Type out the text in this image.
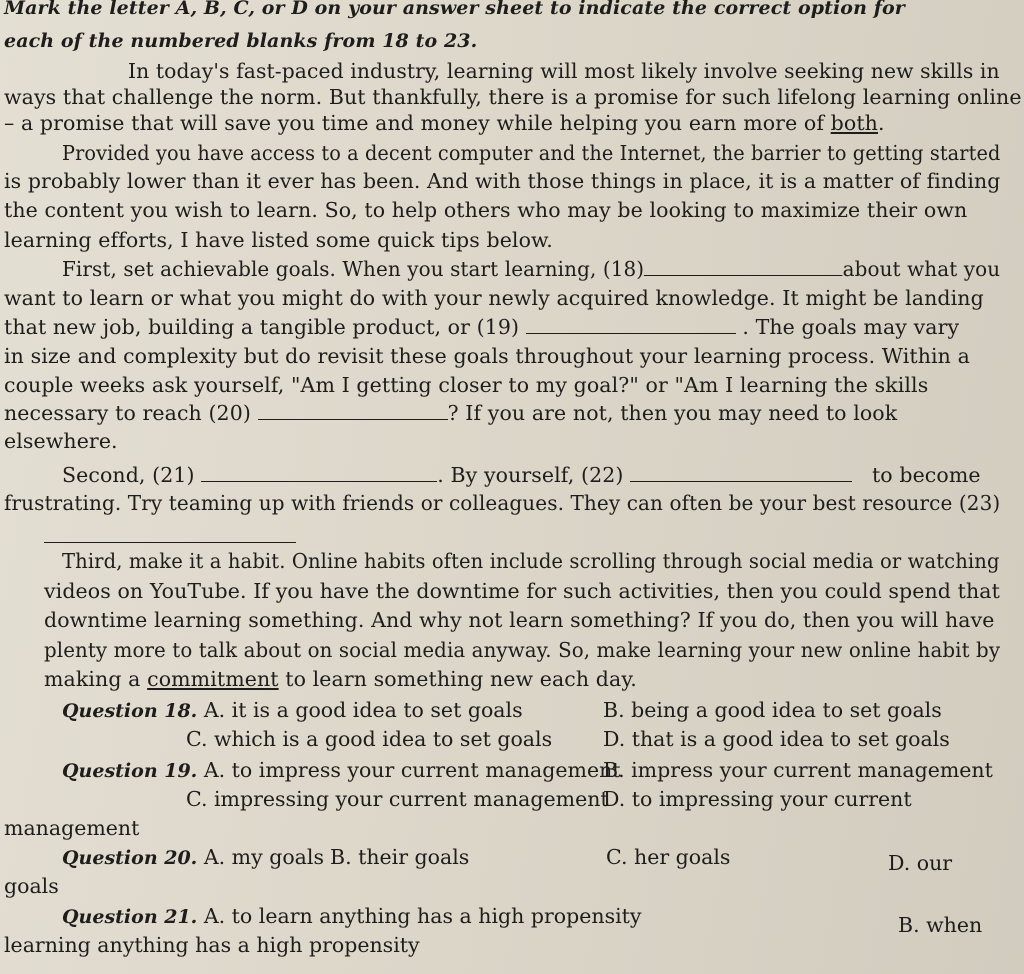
Mark the letter A, B, C, or D on your answer sheet to indicate the correct option for
each of the numbered blanks from 18 to 23.
In today's fast-paced industry, learning will most likely involve seeking new skills in
ways that challenge the norm. But thankfully, there is a promise for such lifelong learning online
– a promise that will save you time and money while helping you earn more of both.
Provided you have access to a decent computer and the Internet, the barrier to getting started
is probably lower than it ever has been. And with those things in place, it is a matter of finding
the content you wish to learn. So, to help others who may be looking to maximize their own
learning efforts, I have listed some quick tips below.
First, set achievable goals. When you start learning, (18)	about what you
want to learn or what you might do with your newly acquired knowledge. It might be landing
that new job, building a tangible product, or (19)	. The goals may vary
in size and complexity but do revisit these goals throughout your learning process. Within a
couple weeks ask yourself, "Am I getting closer to my goal?" or "Am I learning the skills
necessary to reach (20)	? If you are not, then you may need to look
elsewhere.
Second, (21)	. By yourself, (22)	to become
frustrating. Try teaming up with friends or colleagues. They can often be your best resource (23)
Third, make it a habit. Online habits often include scrolling through social media or watching
videos on YouTube. If you have the downtime for such activities, then you could spend that
downtime learning something. And why not learn something? If you do, then you will have
plenty more to talk about on social media anyway. So, make learning your new online habit by
making a commitment to learn something new each day.
Question 18. A. it is a good idea to set goals	B. being a good idea to set goals
C. which is a good idea to set goals D. that is a good idea to set goals
Question 19. A. to impress your current management
B. impress your current management
C. impressing your current management
D. to impressing your current
management
Question 20. A. my goals B. their goals	C. her goals	D. our
goals
Question 21. A. to learn anything has a high propensity	B. when
learning anything has a high propensity
